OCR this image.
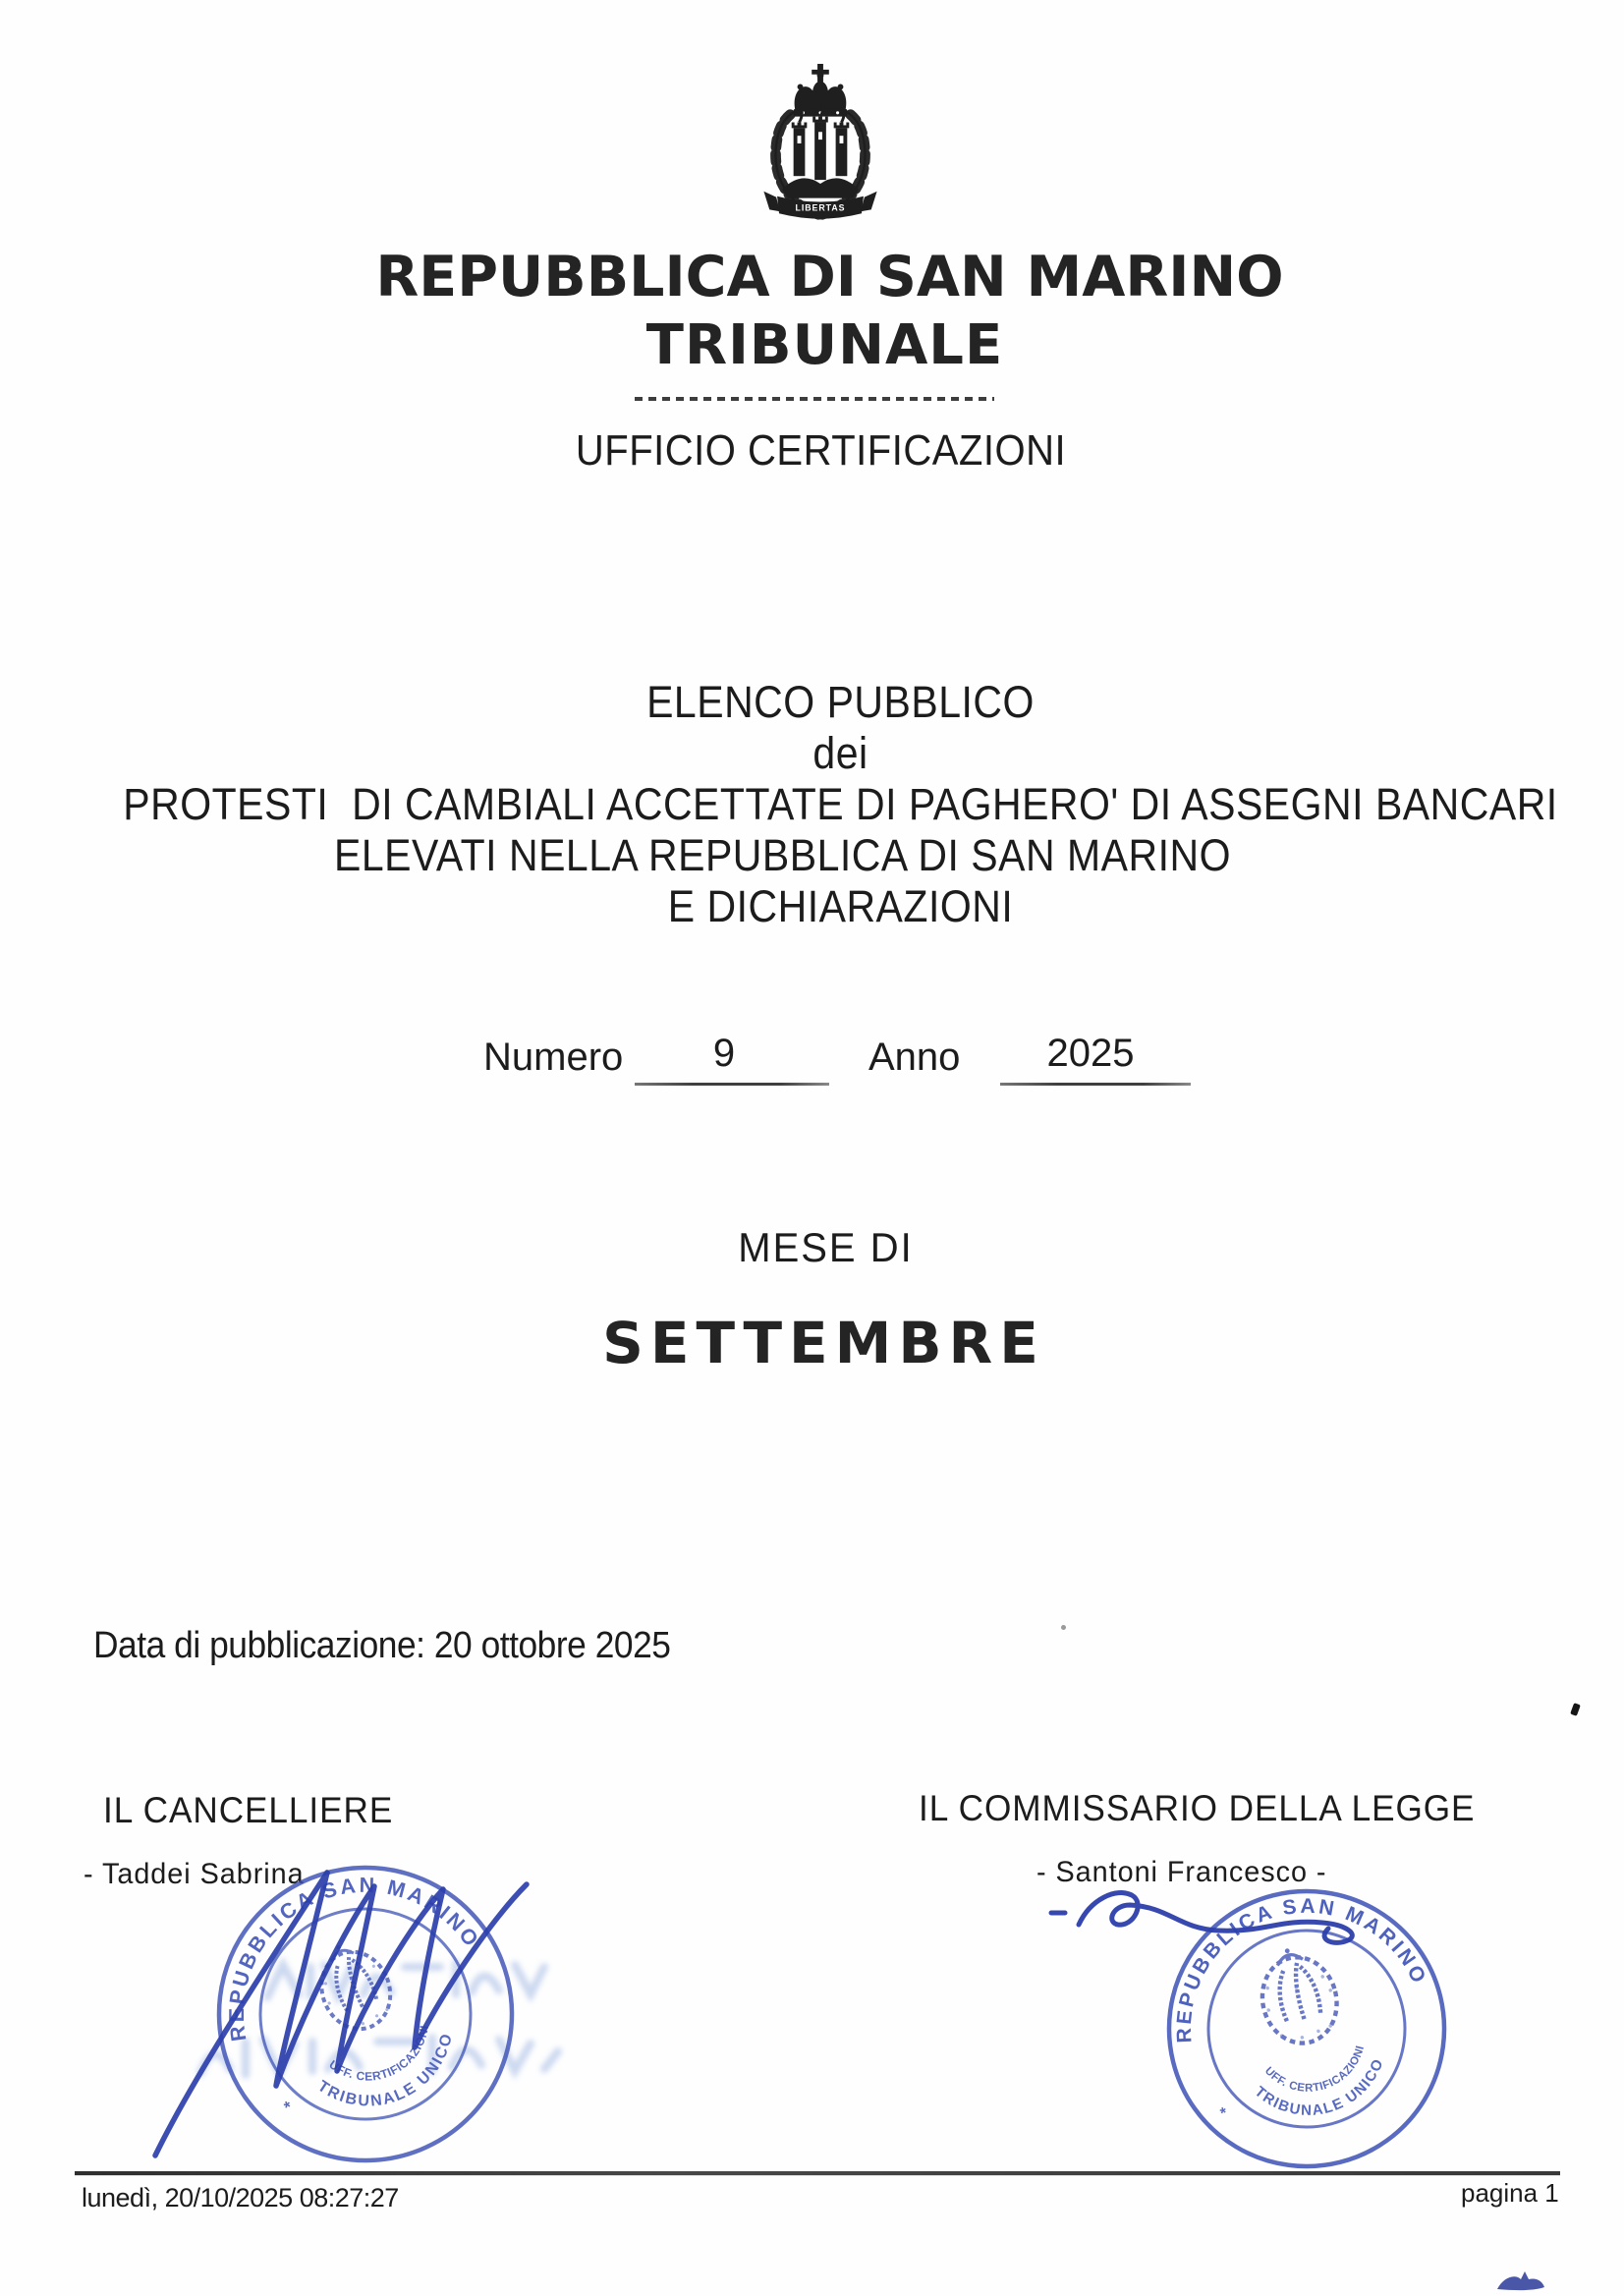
LIBERTAS
REPUBBLICA DI SAN MARINO
TRIBUNALE
UFFICIO CERTIFICAZIONI
ELENCO PUBBLICO
dei
PROTESTI  DI CAMBIALI ACCETTATE DI PAGHERO' DI ASSEGNI BANCARI
ELEVATI NELLA REPUBBLICA DI SAN MARINO
E DICHIARAZIONI
Numero	9	Anno	2025
MESE DI
SETTEMBRE
Data di pubblicazione: 20 ottobre 2025
IL CANCELLIERE	IL COMMISSARIO DELLA LEGGE
- Taddei Sabrina	- Santoni Francesco -
REPUBBLICA SAN MARINO
*
TRIBUNALE UNICO
UFF. CERTIFICAZIONI	REPUBBLICA SAN MARINO
*
TRIBUNALE UNICO
UFF. CERTIFICAZIONI
lunedì, 20/10/2025 08:27:27	pagina 1
